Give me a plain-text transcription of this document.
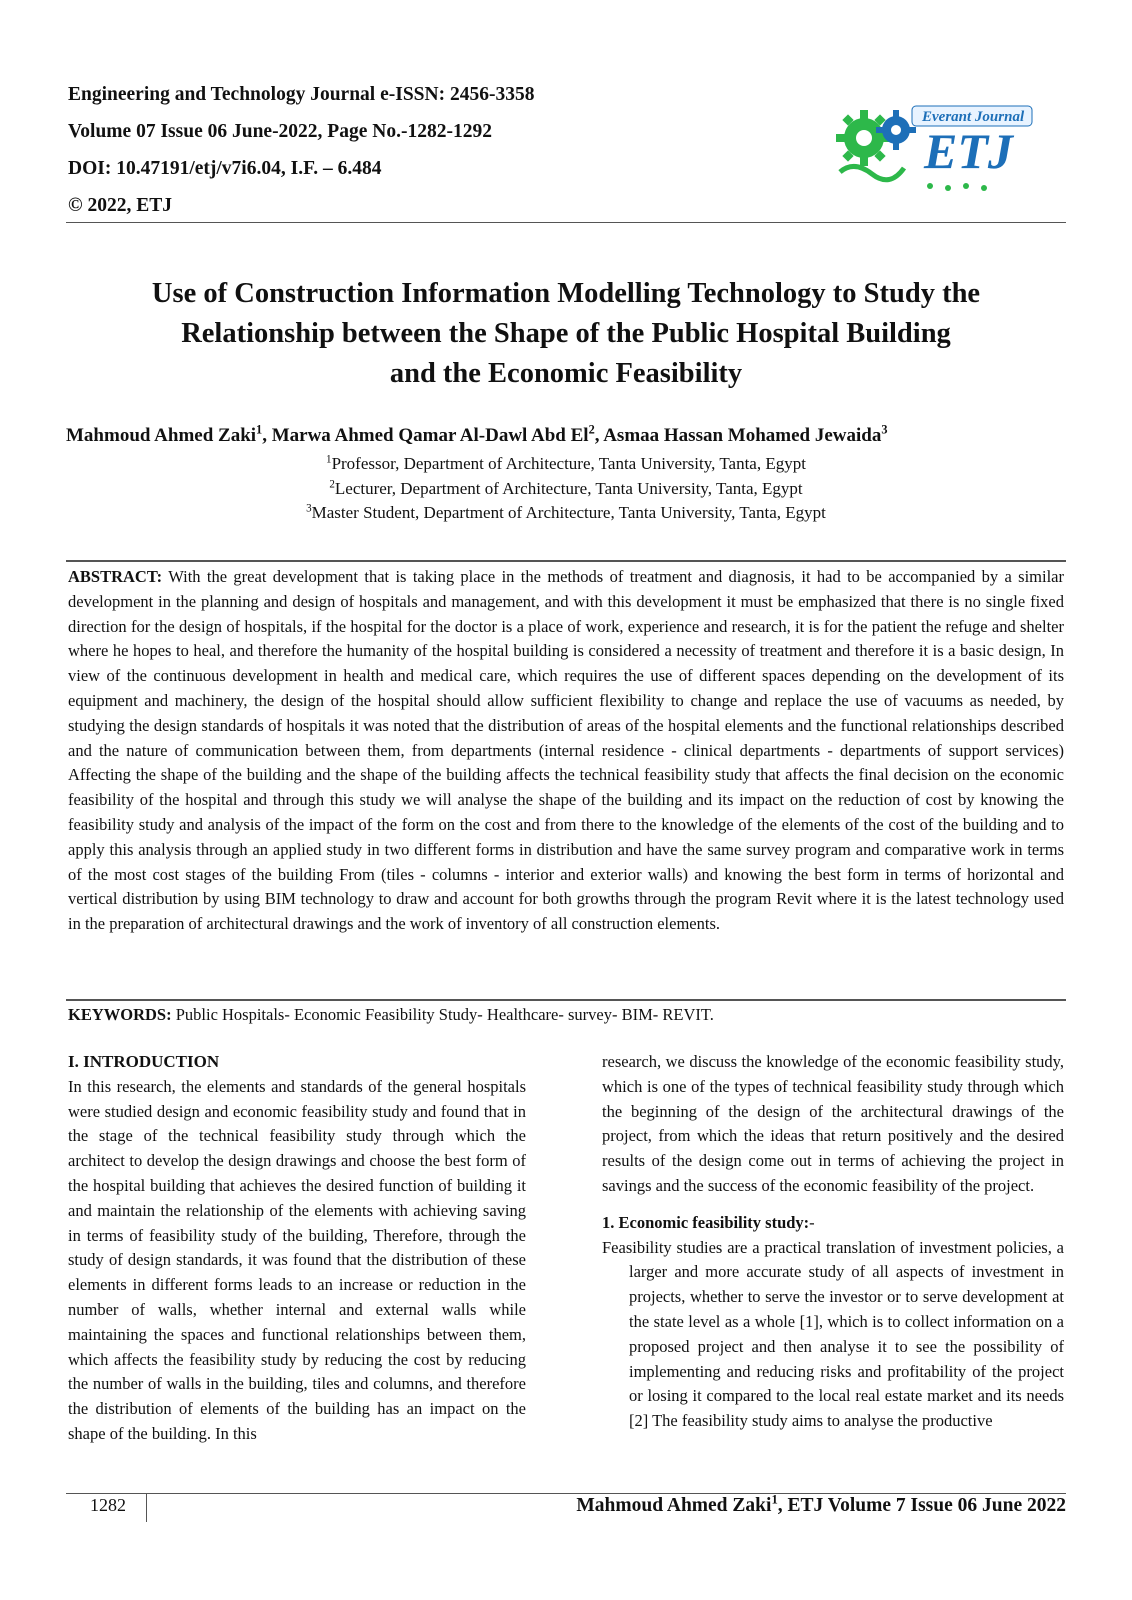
Engineering and Technology Journal e-ISSN: 2456-3358
Volume 07 Issue 06 June-2022, Page No.-1282-1292
DOI: 10.47191/etj/v7i6.04, I.F. – 6.484
© 2022, ETJ
Everant Journal
ETJ
Use of Construction Information Modelling Technology to Study the
Relationship between the Shape of the Public Hospital Building
and the Economic Feasibility
Mahmoud Ahmed Zaki$^1$, Marwa Ahmed Qamar Al-Dawl Abd El$^2$, Asmaa Hassan Mohamed Jewaida$^3$
$^1$Professor, Department of Architecture, Tanta University, Tanta, Egypt
$^2$Lecturer, Department of Architecture, Tanta University, Tanta, Egypt
$^3$Master Student, Department of Architecture, Tanta University, Tanta, Egypt
ABSTRACT: With the great development that is taking place in the methods of treatment and diagnosis, it had to be accompanied by a similar development in the planning and design of hospitals and management, and with this development it must be emphasized that there is no single fixed direction for the design of hospitals, if the hospital for the doctor is a place of work, experience and research, it is for the patient the refuge and shelter where he hopes to heal, and therefore the humanity of the hospital building is considered a necessity of treatment and therefore it is a basic design, In view of the continuous development in health and medical care, which requires the use of different spaces depending on the development of its equipment and machinery, the design of the hospital should allow sufficient flexibility to change and replace the use of vacuums as needed, by studying the design standards of hospitals it was noted that the distribution of areas of the hospital elements and the functional relationships described and the nature of communication between them, from departments (internal residence - clinical departments - departments of support services) Affecting the shape of the building and the shape of the building affects the technical feasibility study that affects the final decision on the economic feasibility of the hospital and through this study we will analyse the shape of the building and its impact on the reduction of cost by knowing the feasibility study and analysis of the impact of the form on the cost and from there to the knowledge of the elements of the cost of the building and to apply this analysis through an applied study in two different forms in distribution and have the same survey program and comparative work in terms of the most cost stages of the building From (tiles - columns - interior and exterior walls) and knowing the best form in terms of horizontal and vertical distribution by using BIM technology to draw and account for both growths through the program Revit where it is the latest technology used in the preparation of architectural drawings and the work of inventory of all construction elements.
KEYWORDS: Public Hospitals- Economic Feasibility Study- Healthcare- survey- BIM- REVIT.
I. INTRODUCTION
In this research, the elements and standards of the general hospitals were studied design and economic feasibility study and found that in the stage of the technical feasibility study through which the architect to develop the design drawings and choose the best form of the hospital building that achieves the desired function of building it and maintain the relationship of the elements with achieving saving in terms of feasibility study of the building, Therefore, through the study of design standards, it was found that the distribution of these elements in different forms leads to an increase or reduction in the number of walls, whether internal and external walls while maintaining the spaces and functional relationships between them, which affects the feasibility study by reducing the cost by reducing the number of walls in the building, tiles and columns, and therefore the distribution of elements of the building has an impact on the shape of the building. In this
research, we discuss the knowledge of the economic feasibility study, which is one of the types of technical feasibility study through which the beginning of the design of the architectural drawings of the project, from which the ideas that return positively and the desired results of the design come out in terms of achieving the project in savings and the success of the economic feasibility of the project.
1. Economic feasibility study:-
Feasibility studies are a practical translation of investment policies, a larger and more accurate study of all aspects of investment in projects, whether to serve the investor or to serve development at the state level as a whole [1], which is to collect information on a proposed project and then analyse it to see the possibility of implementing and reducing risks and profitability of the project or losing it compared to the local real estate market and its needs [2] The feasibility study aims to analyse the productive
1282	Mahmoud Ahmed Zaki$^1$, ETJ Volume 7 Issue 06 June 2022
